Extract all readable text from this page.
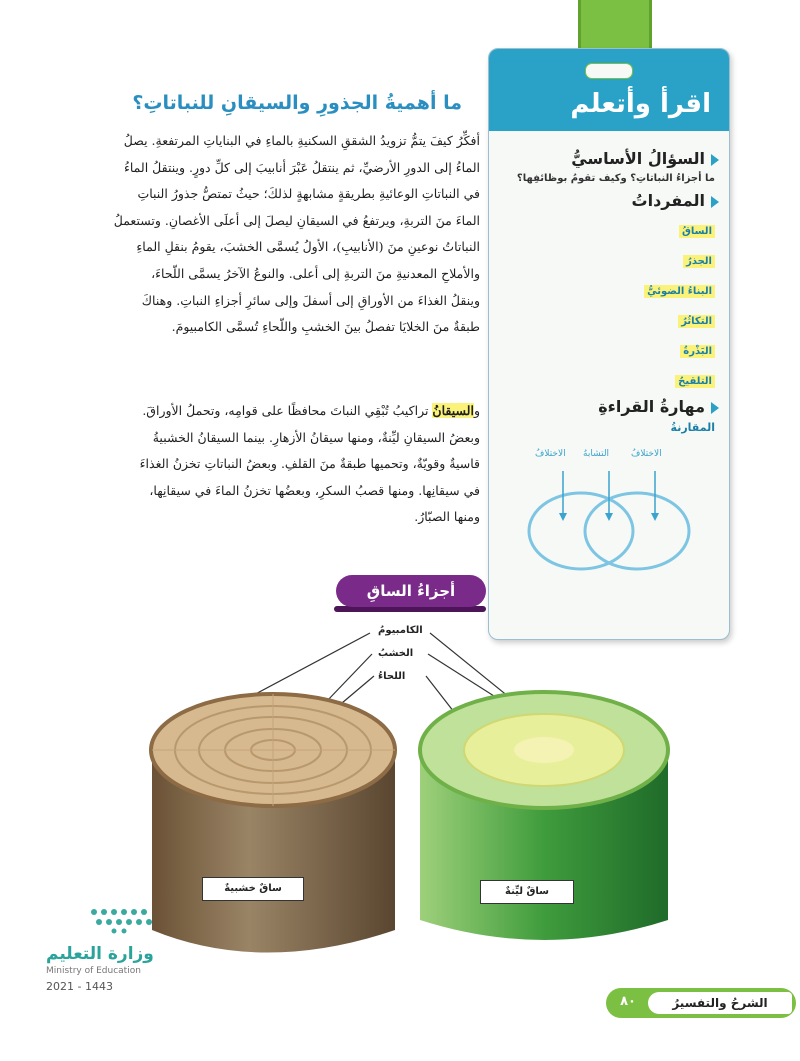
اقرأ وأتعلم
السؤالُ الأساسيُّ
ما أجزاءُ النباتاتِ؟ وكيف تقومُ بوظائفِها؟
المفرداتُ
الساقُ
الجذرُ
البناءُ الضوئيُّ
التكاثُرُ
البَذْرةُ
التلقيحُ
مهارةُ القراءةِ
المقارنةُ
الاختلافُ التشابهُ الاختلافُ
ما أهميةُ الجذورِ والسيقانِ للنباتاتِ؟
أفكِّرُ كيفَ يتمُّ تزويدُ الشققِ السكنيةِ بالماءِ في البناياتِ المرتفعةِ. يصلُ
الماءُ إلى الدورِ الأرضيِّ، ثم ينتقلُ عَبْرَ أنابيبَ إلى كلِّ دورٍ. وينتقلُ الماءُ
في النباتاتِ الوعائيةِ بطريقةٍ مشابهةٍ لذلكَ؛ حيثُ تمتصُّ جذورُ النباتِ
الماءَ منَ التربةِ، ويرتفعُ في السيقانِ ليصلَ إلى أعلَى الأغصانِ. وتستعملُ
النباتاتُ نوعينِ منَ (الأنابيبِ)، الأولُ يُسمَّى الخشبَ، يقومُ بنقلِ الماءِ
والأملاحِ المعدنيةِ منَ التربةِ إلى أعلى. والنوعُ الآخرُ يسمَّى اللّحاءَ،
وينقلُ الغذاءَ من الأوراقِ إلى أسفلَ وإلى سائرِ أجزاءِ النباتِ. وهناكَ
طبقةٌ منَ الخلايَا تفصلُ بينَ الخشبِ واللّحاءِ تُسمَّى الكامبيومَ.
والسيقانُ تراكيبُ تُبْقِي النباتَ محافظًا على قوامِه، وتحملُ الأوراقَ.
وبعضُ السيقانِ ليِّنةٌ، ومنها سيقانُ الأزهارِ. بينما السيقانُ الخشبيةُ
قاسيةٌ وقويّةٌ، وتحميها طبقةٌ منَ القلفِ. وبعضُ النباتاتِ تخزنُ الغذاءَ
في سيقانِها. ومنها قصبُ السكرِ، وبعضُها تخزنُ الماءَ في سيقانِها،
ومنها الصبّارُ.
أجزاءُ الساقِ
الكامبيومُ
الخشبُ
اللحاءُ
ساقٌ خشبيةٌ	ساقٌ ليِّنةٌ
وزارة التعليم
Ministry of Education
2021 - 1443
الشرحُ والتفسيرُ
٨٠
